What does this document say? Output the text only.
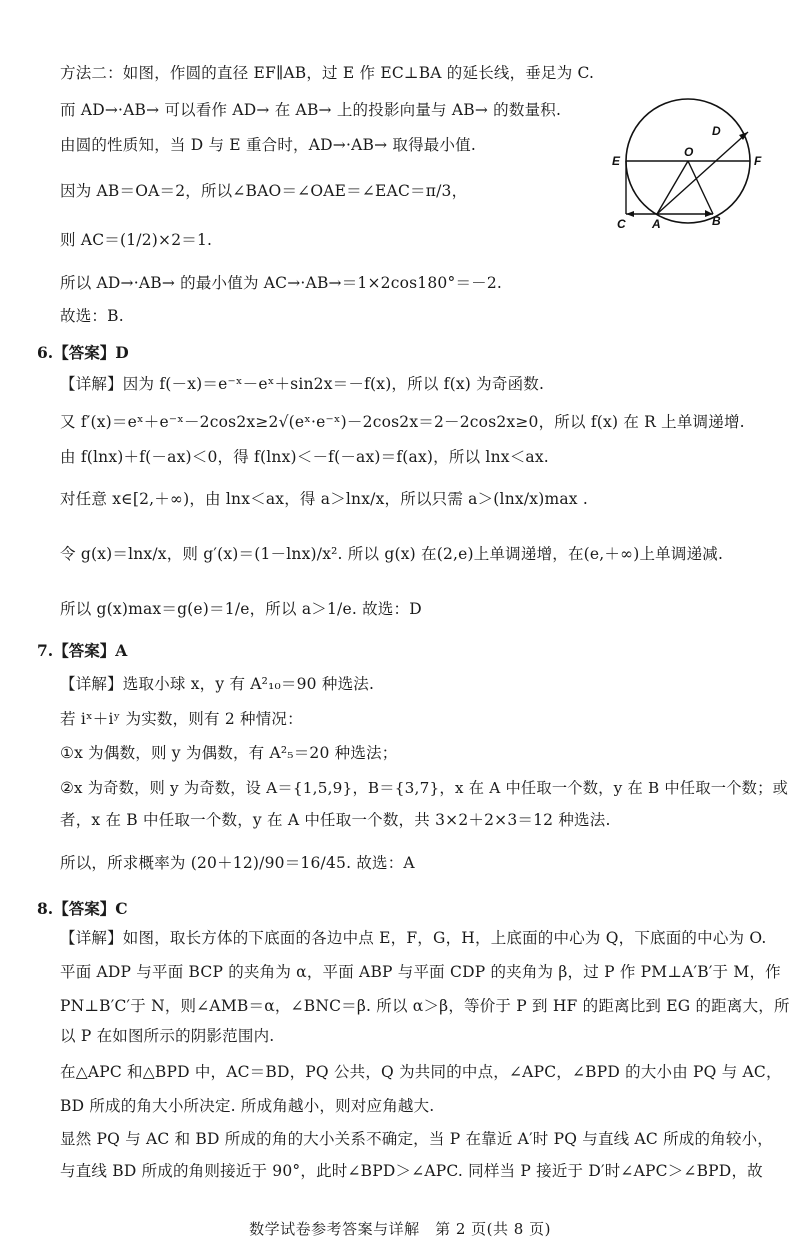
方法二：如图，作圆的直径 EF∥AB，过 E 作 EC⊥BA 的延长线，垂足为 C.
而 AD→·AB→ 可以看作 AD→ 在 AB→ 上的投影向量与 AB→ 的数量积.
由圆的性质知，当 D 与 E 重合时，AD→·AB→ 取得最小值.
因为 AB＝OA＝2，所以∠BAO＝∠OAE＝∠EAC＝π/3，
则 AC＝(1/2)×2＝1.
所以 AD→·AB→ 的最小值为 AC→·AB→＝1×2cos180°＝－2.
故选：B.
D
E
O
F
C A	B
6.【答案】D
【详解】因为 f(－x)＝e⁻ˣ－eˣ＋sin2x＝－f(x)，所以 f(x) 为奇函数.
又 f′(x)＝eˣ＋e⁻ˣ－2cos2x≥2√(eˣ·e⁻ˣ)－2cos2x＝2－2cos2x≥0，所以 f(x) 在 R 上单调递增.
由 f(lnx)＋f(－ax)＜0，得 f(lnx)＜－f(－ax)＝f(ax)，所以 lnx＜ax.
对任意 x∈[2,＋∞)，由 lnx＜ax，得 a＞lnx/x，所以只需 a＞(lnx/x)max .
令 g(x)＝lnx/x，则 g′(x)＝(1－lnx)/x². 所以 g(x) 在(2,e)上单调递增，在(e,＋∞)上单调递减.
所以 g(x)max＝g(e)＝1/e，所以 a＞1/e. 故选：D
7.【答案】A
【详解】选取小球 x，y 有 A²₁₀＝90 种选法.
若 iˣ＋iʸ 为实数，则有 2 种情况：
①x 为偶数，则 y 为偶数，有 A²₅＝20 种选法；
②x 为奇数，则 y 为奇数，设 A＝{1,5,9}，B＝{3,7}，x 在 A 中任取一个数，y 在 B 中任取一个数；或
者，x 在 B 中任取一个数，y 在 A 中任取一个数，共 3×2＋2×3＝12 种选法.
所以，所求概率为 (20＋12)/90＝16/45. 故选：A
8.【答案】C
【详解】如图，取长方体的下底面的各边中点 E，F，G，H，上底面的中心为 Q，下底面的中心为 O.
平面 ADP 与平面 BCP 的夹角为 α，平面 ABP 与平面 CDP 的夹角为 β，过 P 作 PM⊥A′B′于 M，作
PN⊥B′C′于 N，则∠AMB＝α，∠BNC＝β. 所以 α＞β，等价于 P 到 HF 的距离比到 EG 的距离大，所
以 P 在如图所示的阴影范围内.
在△APC 和△BPD 中，AC＝BD，PQ 公共，Q 为共同的中点，∠APC，∠BPD 的大小由 PQ 与 AC，
BD 所成的角大小所决定. 所成角越小，则对应角越大.
显然 PQ 与 AC 和 BD 所成的角的大小关系不确定，当 P 在靠近 A′时 PQ 与直线 AC 所成的角较小，
与直线 BD 所成的角则接近于 90°，此时∠BPD＞∠APC. 同样当 P 接近于 D′时∠APC＞∠BPD，故
数学试卷参考答案与详解　第 2 页(共 8 页)
